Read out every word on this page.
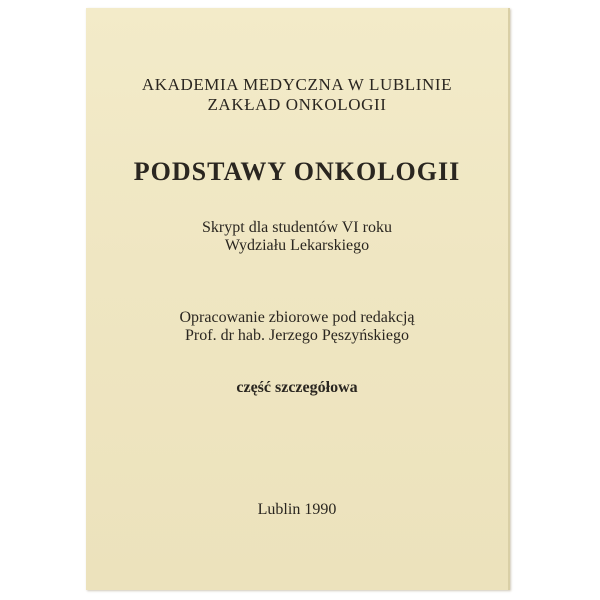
AKADEMIA MEDYCZNA W LUBLINIE
ZAKŁAD ONKOLOGII
PODSTAWY ONKOLOGII
Skrypt dla studentów VI roku
Wydziału Lekarskiego
Opracowanie zbiorowe pod redakcją
Prof. dr hab. Jerzego Pęszyńskiego
część szczegółowa
Lublin 1990
